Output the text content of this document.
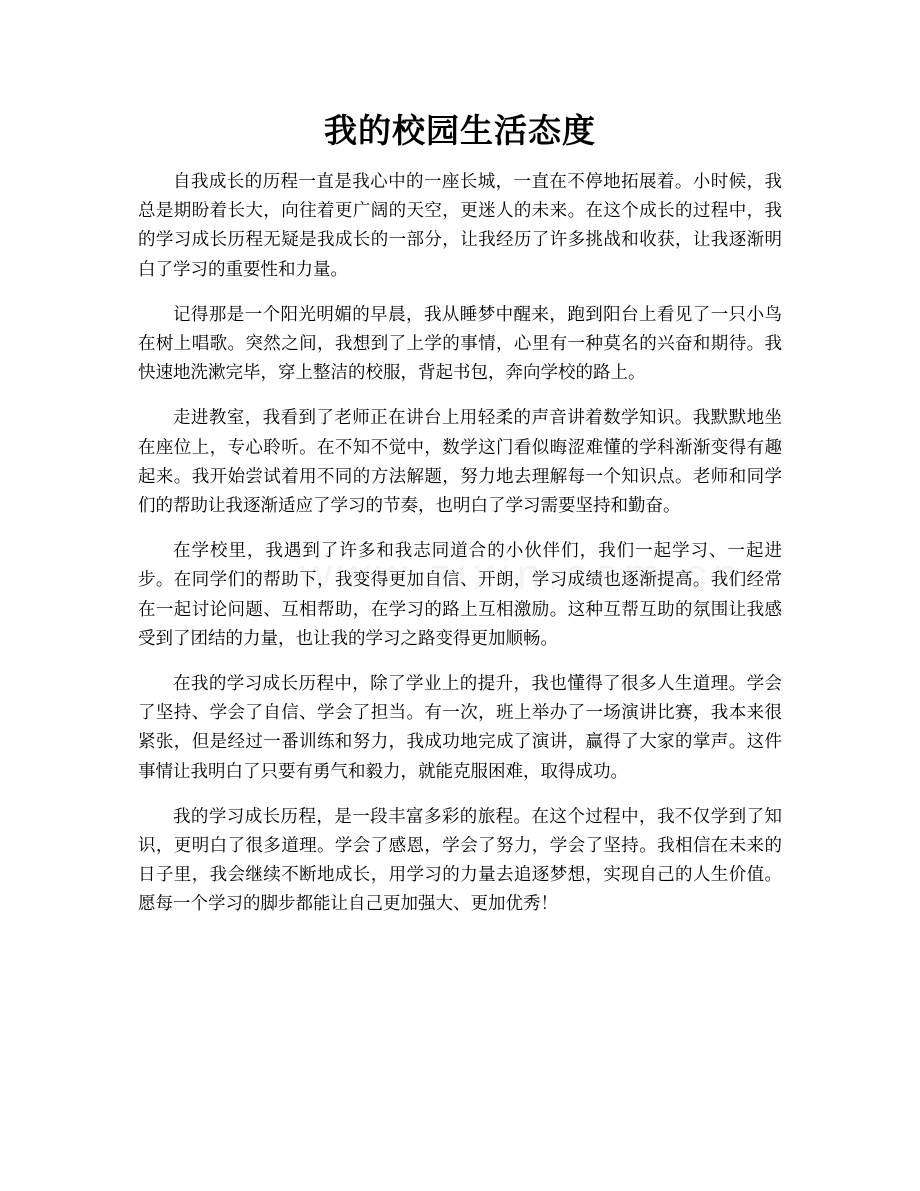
我的校园生活态度

自我成长的历程一直是我心中的一座长城，一直在不停地拓展着。小时候，我总是期盼着长大，向往着更广阔的天空，更迷人的未来。在这个成长的过程中，我的学习成长历程无疑是我成长的一部分，让我经历了许多挑战和收获，让我逐渐明白了学习的重要性和力量。

记得那是一个阳光明媚的早晨，我从睡梦中醒来，跑到阳台上看见了一只小鸟在树上唱歌。突然之间，我想到了上学的事情，心里有一种莫名的兴奋和期待。我快速地洗漱完毕，穿上整洁的校服，背起书包，奔向学校的路上。

走进教室，我看到了老师正在讲台上用轻柔的声音讲着数学知识。我默默地坐在座位上，专心聆听。在不知不觉中，数学这门看似晦涩难懂的学科渐渐变得有趣起来。我开始尝试着用不同的方法解题，努力地去理解每一个知识点。老师和同学们的帮助让我逐渐适应了学习的节奏，也明白了学习需要坚持和勤奋。

在学校里，我遇到了许多和我志同道合的小伙伴们，我们一起学习、一起进步。在同学们的帮助下，我变得更加自信、开朗，学习成绩也逐渐提高。我们经常在一起讨论问题、互相帮助，在学习的路上互相激励。这种互帮互助的氛围让我感受到了团结的力量，也让我的学习之路变得更加顺畅。

在我的学习成长历程中，除了学业上的提升，我也懂得了很多人生道理。学会了坚持、学会了自信、学会了担当。有一次，班上举办了一场演讲比赛，我本来很紧张，但是经过一番训练和努力，我成功地完成了演讲，赢得了大家的掌声。这件事情让我明白了只要有勇气和毅力，就能克服困难，取得成功。

我的学习成长历程，是一段丰富多彩的旅程。在这个过程中，我不仅学到了知识，更明白了很多道理。学会了感恩，学会了努力，学会了坚持。我相信在未来的日子里，我会继续不断地成长，用学习的力量去追逐梦想，实现自己的人生价值。愿每一个学习的脚步都能让自己更加强大、更加优秀！
